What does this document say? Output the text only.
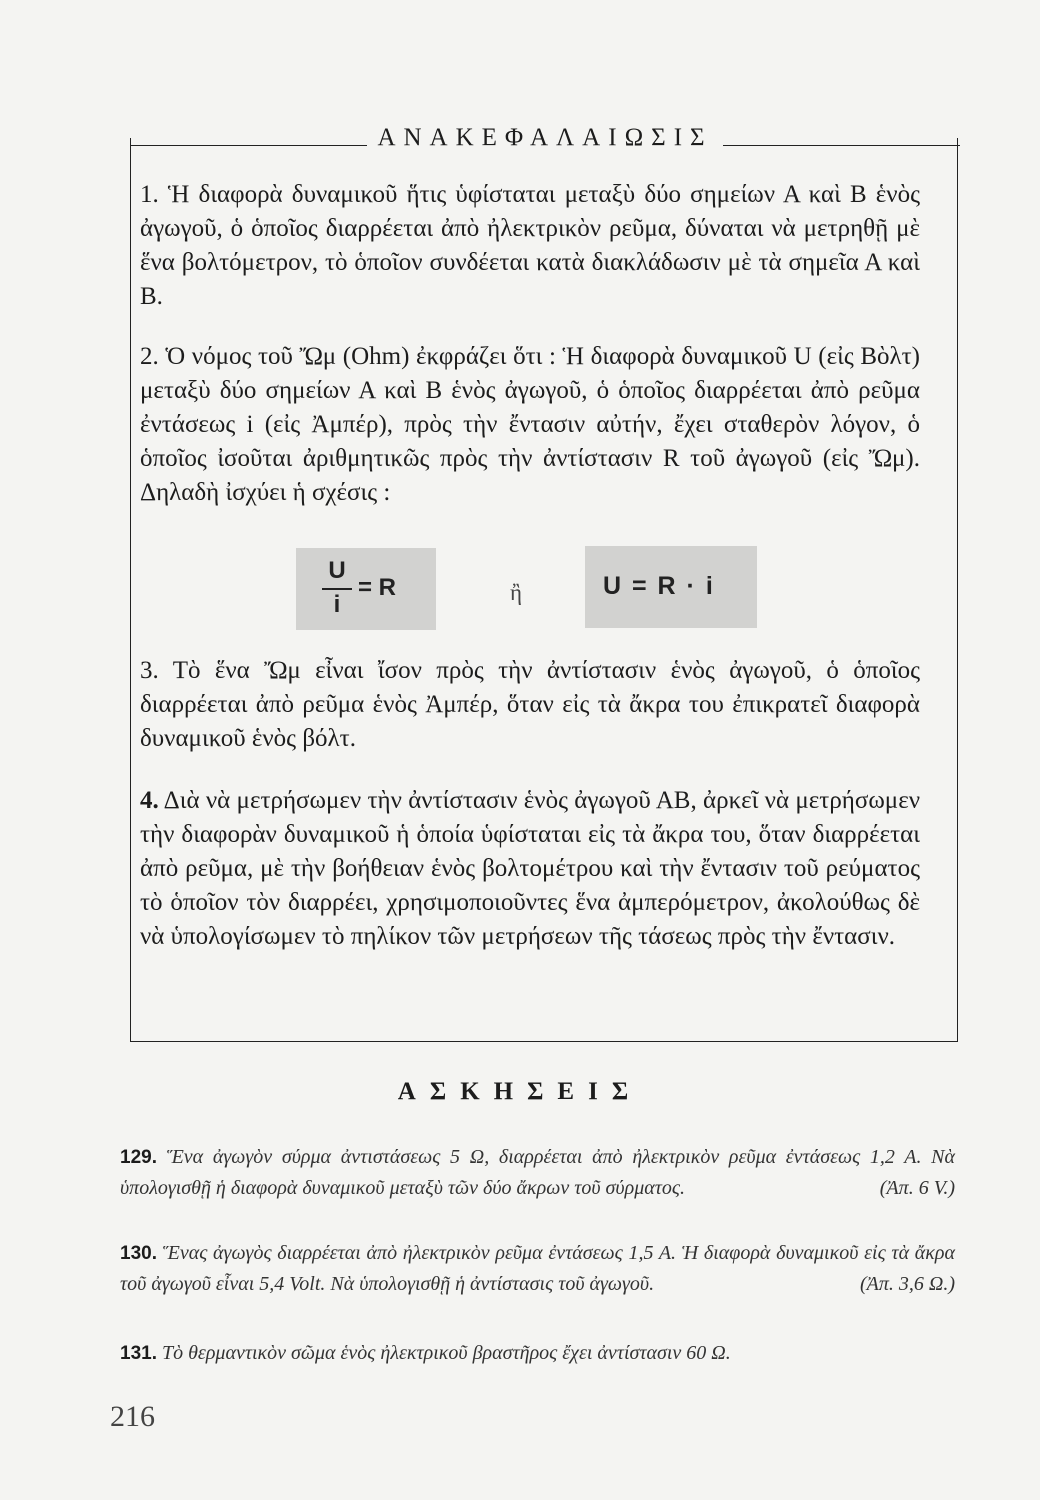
ΑΝΑΚΕΦΑΛΑΙΩΣΙΣ

1. Ἡ διαφορὰ δυναμικοῦ ἥτις ὑφίσταται μεταξὺ δύο σημείων Α καὶ Β ἑνὸς ἀγωγοῦ, ὁ ὁποῖος διαρρέεται ἀπὸ ἠλεκτρικὸν ρεῦμα, δύναται νὰ μετρηθῇ μὲ ἕνα βολτόμετρον, τὸ ὁποῖον συνδέεται κατὰ διακλάδωσιν μὲ τὰ σημεῖα Α καὶ Β.

2. Ὁ νόμος τοῦ Ὤμ (Ohm) ἐκφράζει ὅτι : Ἡ διαφορὰ δυναμικοῦ U (εἰς Βὸλτ) μεταξὺ δύο σημείων Α καὶ Β ἑνὸς ἀγωγοῦ, ὁ ὁποῖος διαρρέεται ἀπὸ ρεῦμα ἐντάσεως i (εἰς Ἀμπέρ), πρὸς τὴν ἔντασιν αὐτήν, ἔχει σταθερὸν λόγον, ὁ ὁποῖος ἰσοῦται ἀριθμητικῶς πρὸς τὴν ἀντίστασιν R τοῦ ἀγωγοῦ (εἰς Ὤμ). Δηλαδὴ ἰσχύει ἡ σχέσις :

$\frac{U}{i} = R$	ἢ	U = R · i

3. Τὸ ἕνα Ὤμ εἶναι ἴσον πρὸς τὴν ἀντίστασιν ἑνὸς ἀγωγοῦ, ὁ ὁποῖος διαρρέεται ἀπὸ ρεῦμα ἑνὸς Ἀμπέρ, ὅταν εἰς τὰ ἄκρα του ἐπικρατεῖ διαφορὰ δυναμικοῦ ἑνὸς βόλτ.

4. Διὰ νὰ μετρήσωμεν τὴν ἀντίστασιν ἑνὸς ἀγωγοῦ ΑΒ, ἀρκεῖ νὰ μετρήσωμεν τὴν διαφορὰν δυναμικοῦ ἡ ὁποία ὑφίσταται εἰς τὰ ἄκρα του, ὅταν διαρρέεται ἀπὸ ρεῦμα, μὲ τὴν βοήθειαν ἑνὸς βολτομέτρου καὶ τὴν ἔντασιν τοῦ ρεύματος τὸ ὁποῖον τὸν διαρρέει, χρησιμοποιοῦντες ἕνα ἀμπερόμετρον, ἀκολούθως δὲ νὰ ὑπολογίσωμεν τὸ πηλίκον τῶν μετρήσεων τῆς τάσεως πρὸς τὴν ἔντασιν.

ΑΣΚΗΣΕΙΣ

129. Ἕνα ἀγωγὸν σύρμα ἀντιστάσεως 5 Ω, διαρρέεται ἀπὸ ἠλεκτρικὸν ρεῦμα ἐντάσεως 1,2 Α. Νὰ ὑπολογισθῇ ἡ διαφορὰ δυναμικοῦ μεταξὺ τῶν δύο ἄκρων τοῦ σύρματος.	(Ἀπ. 6 V.)

130. Ἕνας ἀγωγὸς διαρρέεται ἀπὸ ἠλεκτρικὸν ρεῦμα ἐντάσεως 1,5 Α. Ἡ διαφορὰ δυναμικοῦ εἰς τὰ ἄκρα τοῦ ἀγωγοῦ εἶναι 5,4 Volt. Νὰ ὑπολογισθῇ ἡ ἀντίστασις τοῦ ἀγωγοῦ.	(Ἀπ. 3,6 Ω.)

131. Τὸ θερμαντικὸν σῶμα ἑνὸς ἠλεκτρικοῦ βραστῆρος ἔχει ἀντίστασιν 60 Ω.

216
